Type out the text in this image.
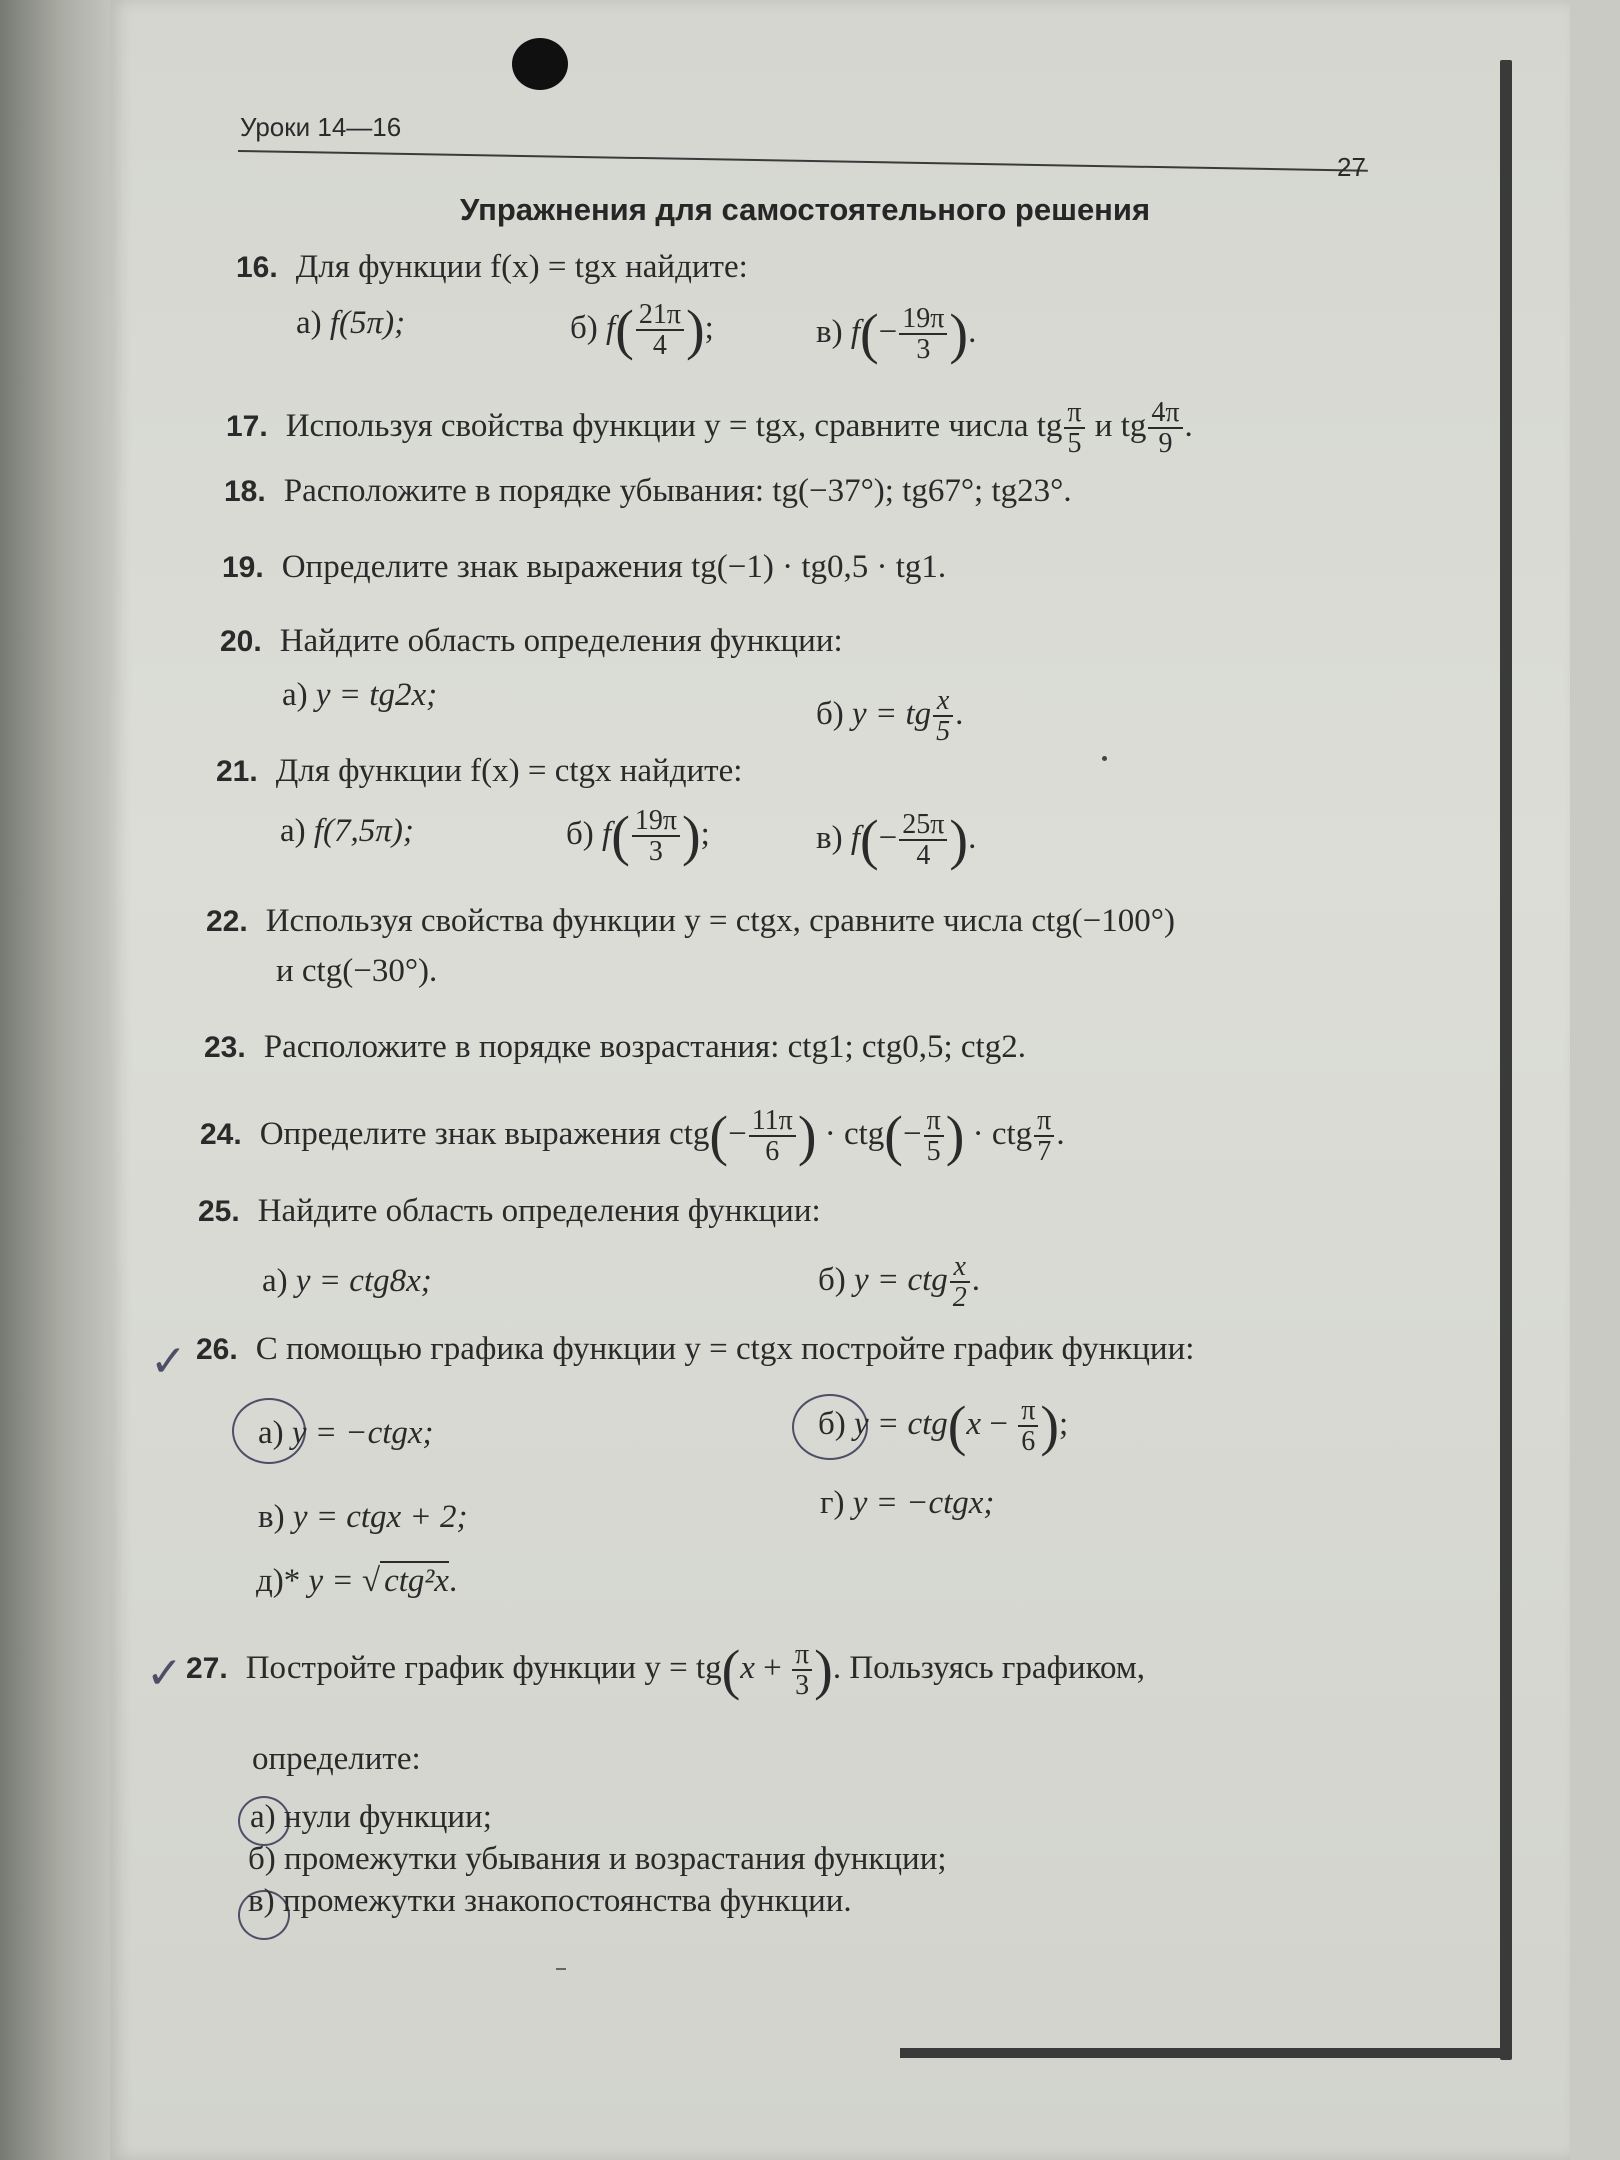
Уроки 14—16
27
Упражнения для самостоятельного решения
16. Для функции f(x) = tgx найдите:
а) f(5π);	б) $f( \frac{21\pi}{4}$ );	в) $f(- \frac{19\pi}{3}$ ).
17. Используя свойства функции y = tgx, сравните числа tg $\frac{\pi}{5}$ и tg $\frac{4\pi}{9}$ .
18. Расположите в порядке убывания: tg(−37°); tg67°; tg23°.
19. Определите знак выражения tg(−1) · tg0,5 · tg1.
20. Найдите область определения функции:
а) y = tg2x;
б) y = tg $\frac{x}{5}$ .
21. Для функции f(x) = ctgx найдите:
а) f(7,5π);	б) $f( \frac{19\pi}{3}$ );	в) $f(- \frac{25\pi}{4}$ ).
22. Используя свойства функции y = ctgx, сравните числа ctg(−100°)
и ctg(−30°).
23. Расположите в порядке возрастания: ctg1; ctg0,5; ctg2.
24. Определите знак выражения $ctg(- \frac{11\pi}{6}$ ) · $ctg(- \frac{\pi}{5}$ ) · ctg $\frac{\pi}{7}$ .
25. Найдите область определения функции:
а) y = ctg8x;	б) y = ctg $\frac{x}{2}$ .
✓ 26. С помощью графика функции y = ctgx постройте график функции:
а) y = −ctgx;	б) $y = ctg(x - \frac{\pi}{6}$ );
в) y = ctgx + 2;	г) y = −ctgx;
д)* y = √ ctg²x.
✓ 27. Постройте график функции $y = tg(x + \frac{\pi}{3}$ ). Пользуясь графиком,
определите:
а) нули функции;
б) промежутки убывания и возрастания функции;
в) промежутки знакопостоянства функции.
